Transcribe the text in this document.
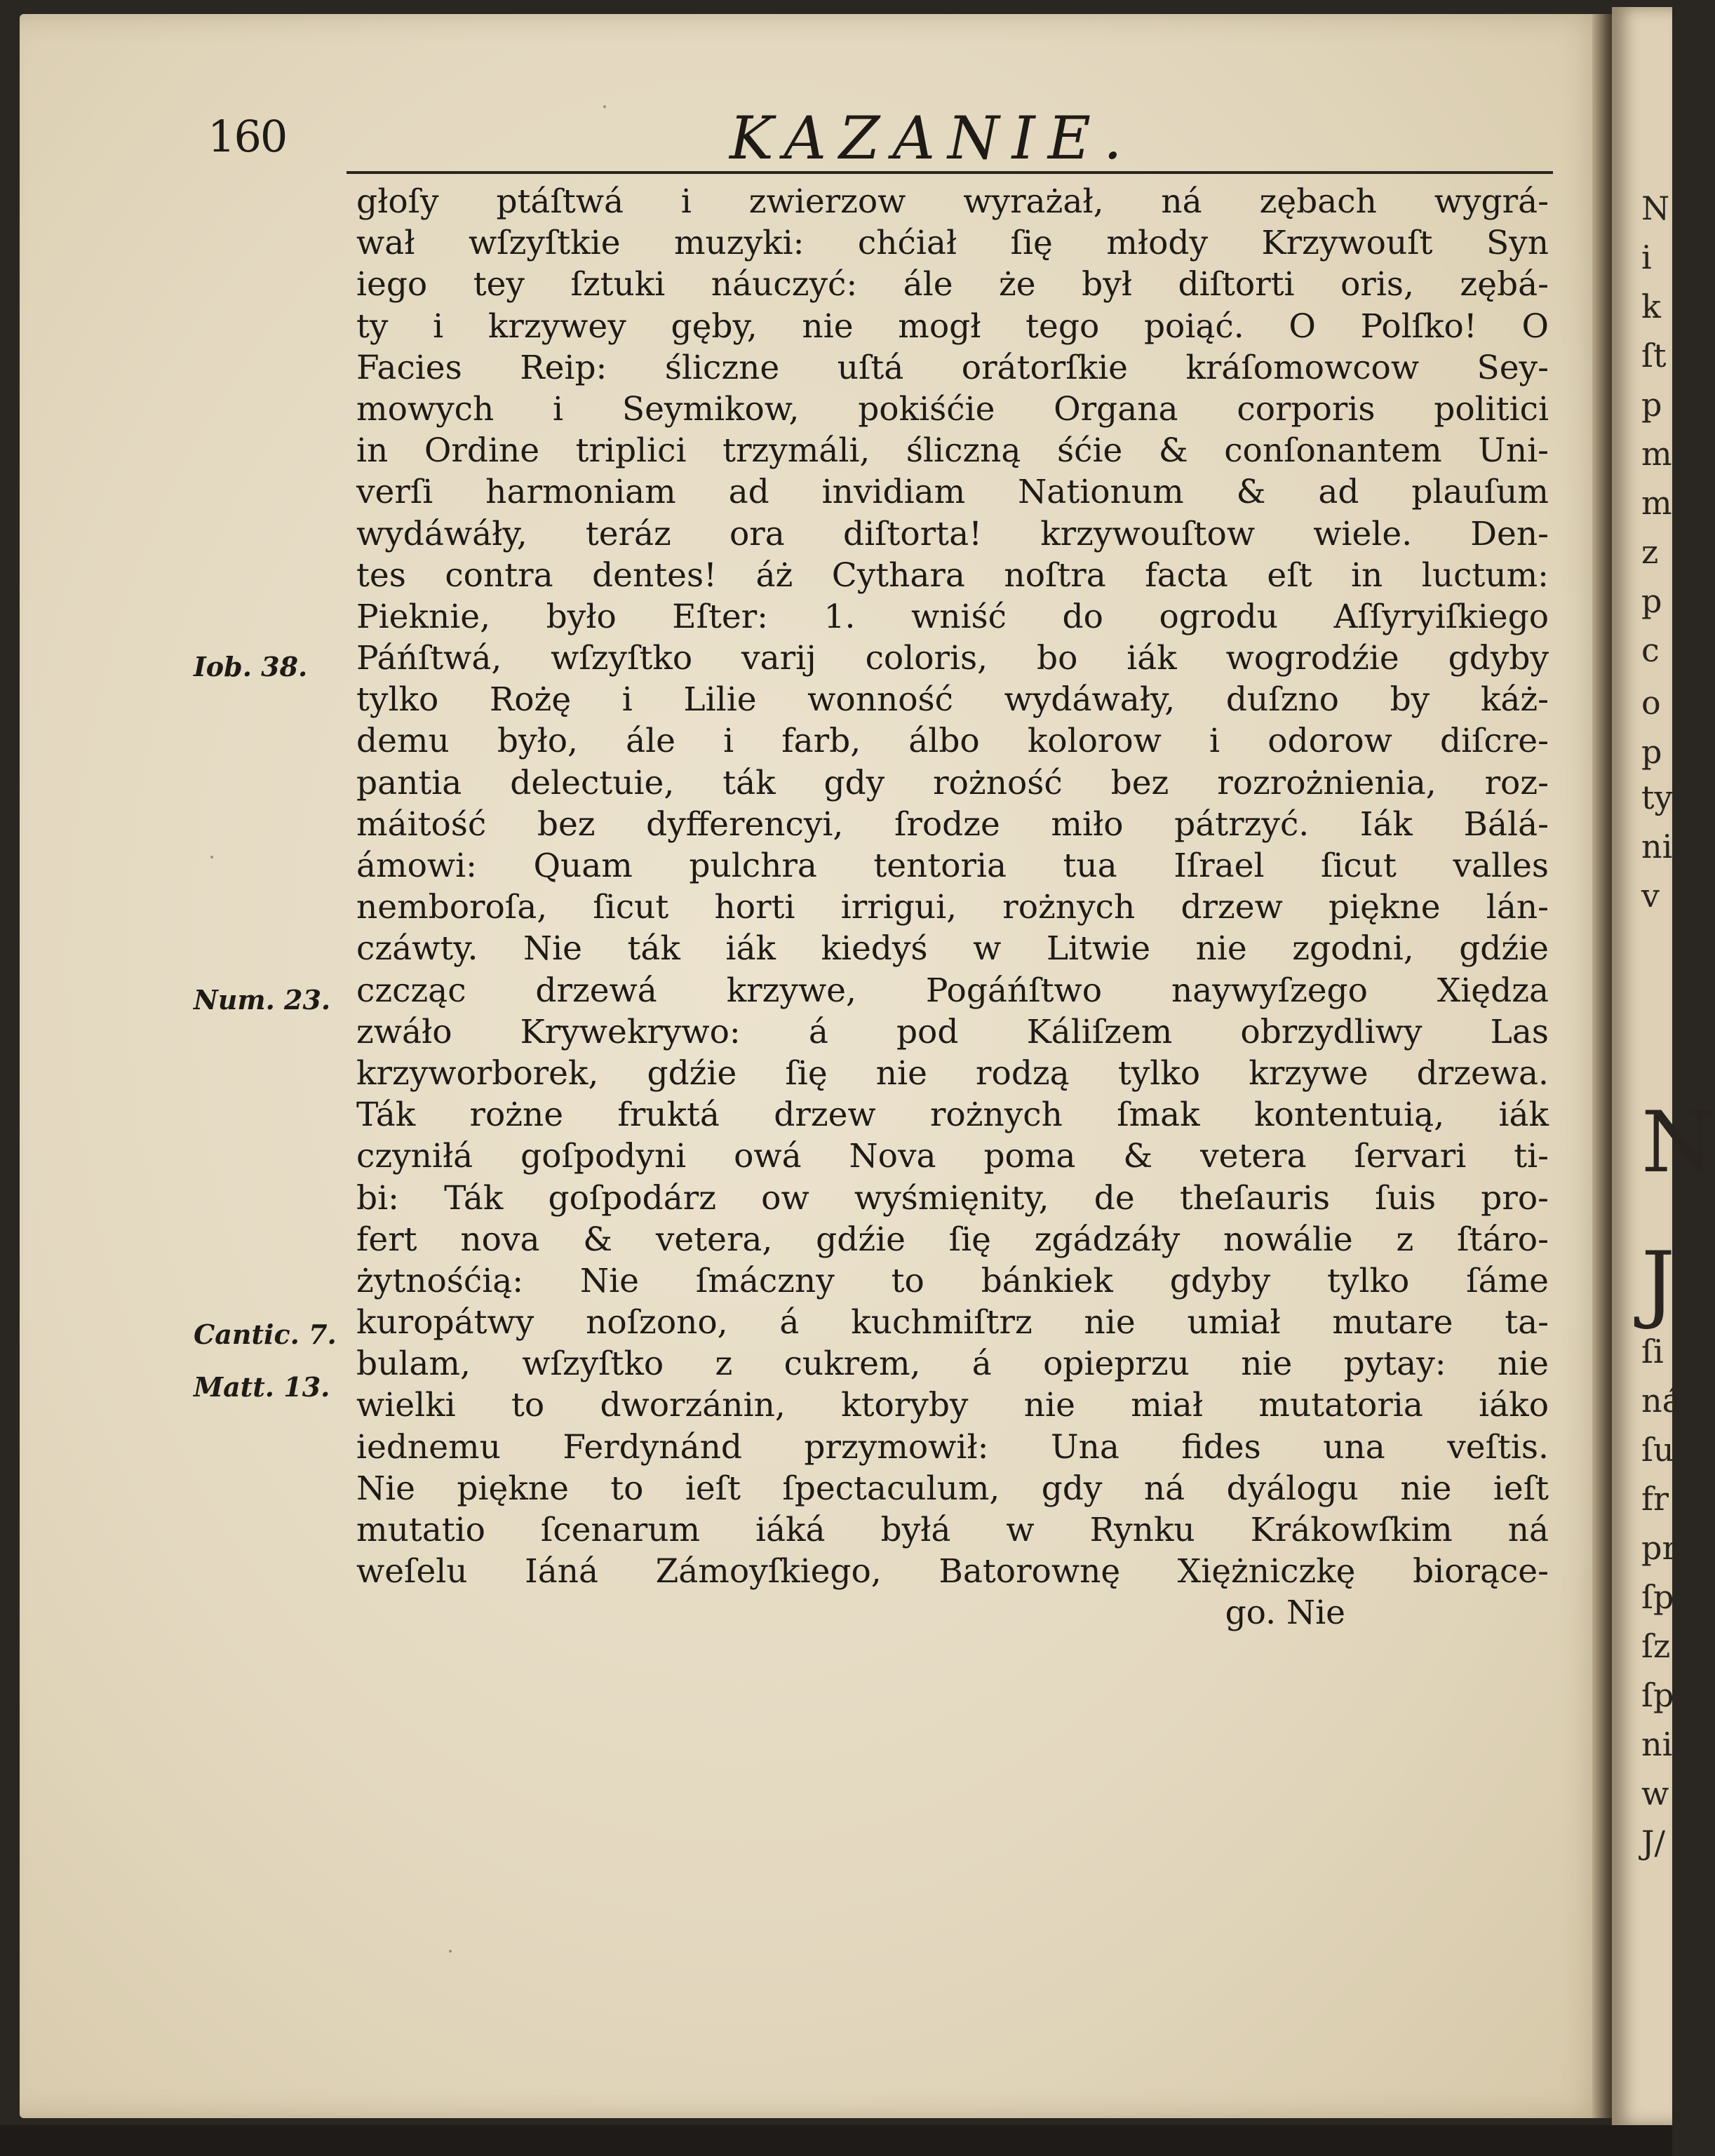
160	KAZANIE.
głoſy ptáſtwá i zwierzow wyrażał, ná zębach wygrá-
wał wſzyſtkie muzyki: chćiał ſię młody Krzywouſt Syn
iego tey ſztuki náuczyć: ále że był diſtorti oris, zębá-
ty i krzywey gęby, nie mogł tego poiąć. O Polſko! O
Facies Reip: śliczne uſtá orátorſkie kráſomowcow Sey-
mowych i Seymikow, pokiśćie Organa corporis politici
in Ordine triplici trzymáli, śliczną śćie & conſonantem Uni-
verſi harmoniam ad invidiam Nationum & ad plauſum
wydáwáły, teráz ora diſtorta! krzywouſtow wiele. Den-
tes contra dentes! áż Cythara noſtra facta eſt in luctum:
Pieknie, było Eſter: 1. wniść do ogrodu Aſſyryiſkiego
Páńſtwá, wſzyſtko varij coloris, bo iák wogrodźie gdyby
tylko Rożę i Lilie wonność wydáwały, duſzno by káż-
demu było, ále i farb, álbo kolorow i odorow diſcre-
pantia delectuie, ták gdy rożność bez rozrożnienia, roz-
máitość bez dyfferencyi, ſrodze miło pátrzyć. Iák Bálá-
ámowi: Quam pulchra tentoria tua Iſrael ſicut valles
nemboroſa, ſicut horti irrigui, rożnych drzew piękne lán-
czáwty. Nie ták iák kiedyś w Litwie nie zgodni, gdźie
czcząc drzewá krzywe, Pogáńſtwo naywyſzego Xiędza
zwáło Krywekrywo: á pod Káliſzem obrzydliwy Las
krzyworborek, gdźie ſię nie rodzą tylko krzywe drzewa.
Ták rożne fruktá drzew rożnych ſmak kontentuią, iák
czyniłá goſpodyni owá Nova poma & vetera ſervari ti-
bi: Ták goſpodárz ow wyśmięnity, de theſauris ſuis pro-
fert nova & vetera, gdźie ſię zgádzáły nowálie z ſtáro-
żytnośćią: Nie ſmáczny to bánkiek gdyby tylko ſáme
kuropátwy noſzono, á kuchmiſtrz nie umiał mutare ta-
bulam, wſzyſtko z cukrem, á opieprzu nie pytay: nie
wielki to dworzánin, ktoryby nie miał mutatoria iáko
iednemu Ferdynánd przymowił: Una fides una veſtis.
Nie piękne to ieſt ſpectaculum, gdy ná dyálogu nie ieſt
mutatio ſcenarum iáká byłá w Rynku Krákowſkim ná
weſelu Iáná Zámoyſkiego, Batorownę Xiężniczkę biorące-
go. Nie
Iob. 38.
Num. 23.
Cantic. 7.
Matt. 13.
N
i
k
ſt
p
m
m
z
p
c
o
p
ty
ni
v
N
J
ſi
ná
ſu
fr
pr
ſp
ſz
ſp
ni
w
J/
